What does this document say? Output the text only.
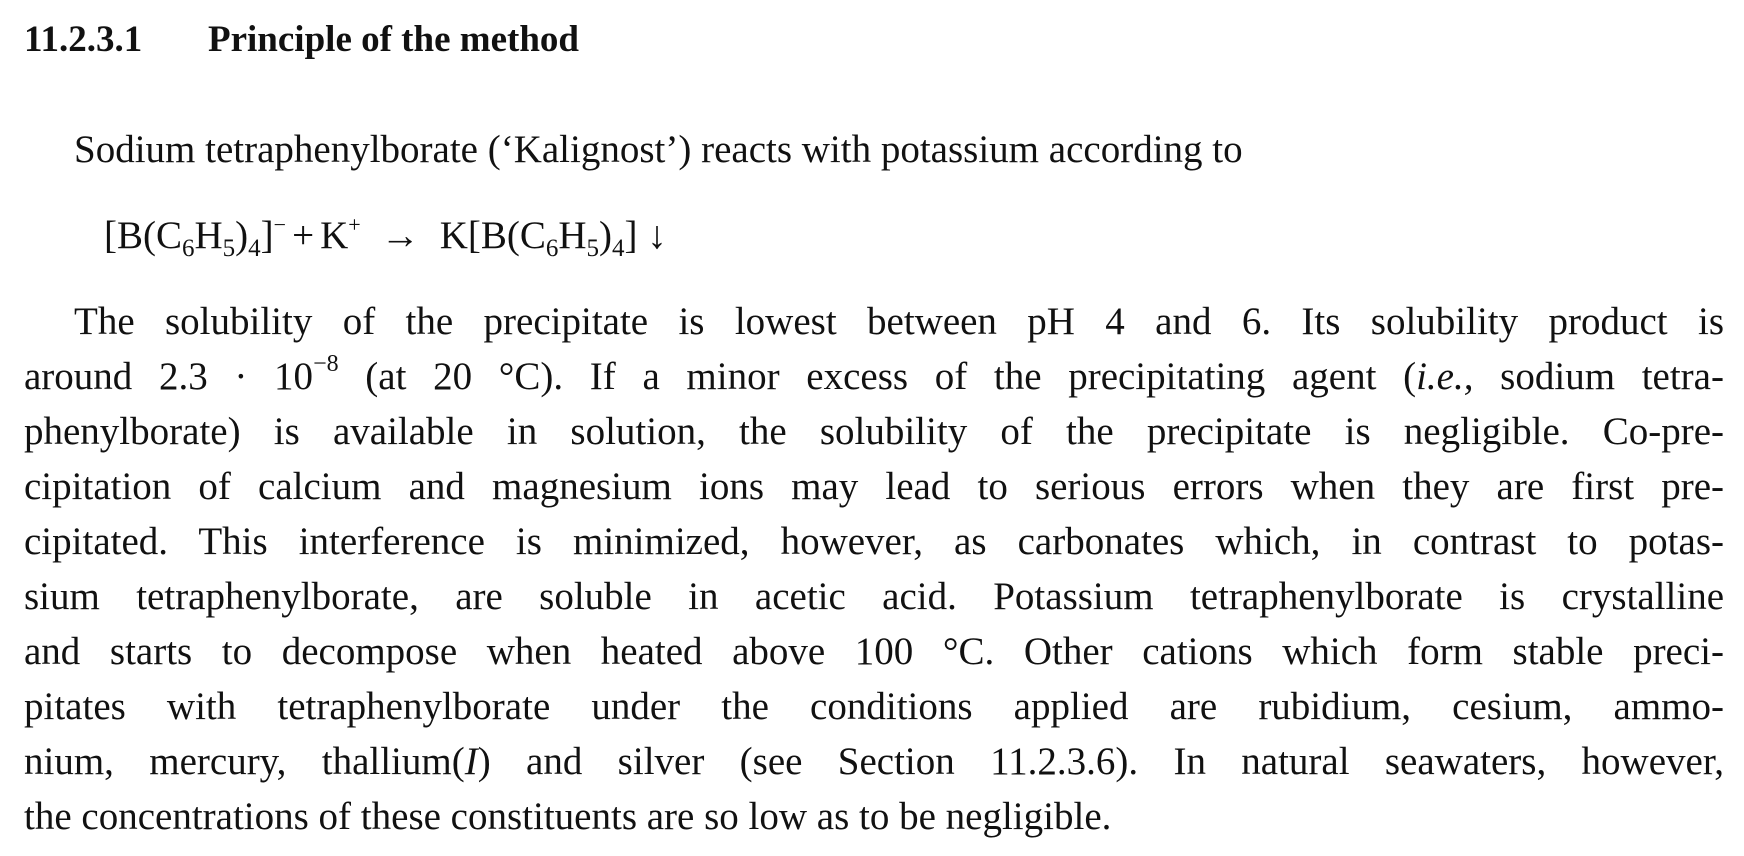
11.2.3.1 Principle of the method
Sodium tetraphenylborate (‘Kalignost’) reacts with potassium according to
$[B(C_6H_5)_4]^- + K^+ \to K[B(C_6H_5)_4]$ ↓
The solubility of the precipitate is lowest between pH 4 and 6. Its solubility product is
around $2.3 \cdot 10^{-8}$ (at 20 °C). If a minor excess of the precipitating agent (i.e., sodium tetra-
phenylborate) is available in solution, the solubility of the precipitate is negligible. Co-pre-
cipitation of calcium and magnesium ions may lead to serious errors when they are first pre-
cipitated. This interference is minimized, however, as carbonates which, in contrast to potas-
sium tetraphenylborate, are soluble in acetic acid. Potassium tetraphenylborate is crystalline
and starts to decompose when heated above 100 °C. Other cations which form stable preci-
pitates with tetraphenylborate under the conditions applied are rubidium, cesium, ammo-
nium, mercury, thallium(I) and silver (see Section 11.2.3.6). In natural seawaters, however,
the concentrations of these constituents are so low as to be negligible.
